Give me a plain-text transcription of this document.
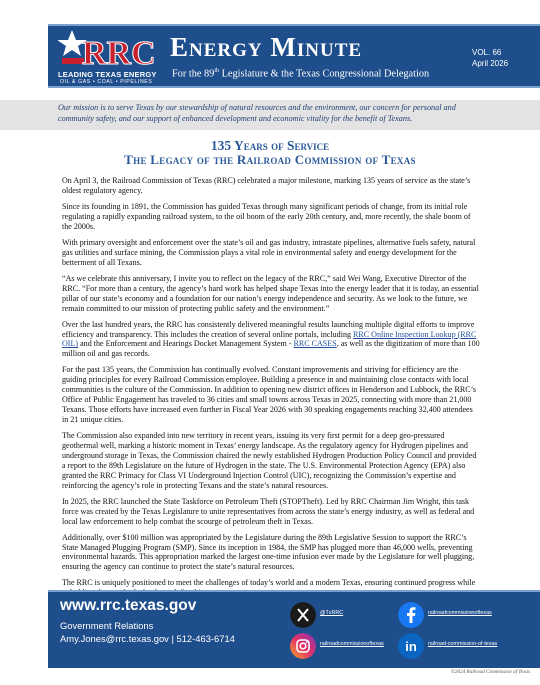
RRC
LEADING TEXAS ENERGY
OIL & GAS • COAL • PIPELINES
Energy Minute
For the 89th Legislature & the Texas Congressional Delegation
VOL. 66
April 2026

Our mission is to serve Texas by our stewardship of natural resources and the environment, our concern for personal and community safety, and our support of enhanced development and economic vitality for the benefit of Texans.

135 Years of Service
The Legacy of the Railroad Commission of Texas

On April 3, the Railroad Commission of Texas (RRC) celebrated a major milestone, marking 135 years of service as the state’s oldest regulatory agency.

Since its founding in 1891, the Commission has guided Texas through many significant periods of change, from its initial role regulating a rapidly expanding railroad system, to the oil boom of the early 20th century, and, more recently, the shale boom of the 2000s.

With primary oversight and enforcement over the state’s oil and gas industry, intrastate pipelines, alternative fuels safety, natural gas utilities and surface mining, the Commission plays a vital role in environmental safety and energy development for the betterment of all Texans.

“As we celebrate this anniversary, I invite you to reflect on the legacy of the RRC,” said Wei Wang, Executive Director of the RRC. “For more than a century, the agency’s hard work has helped shape Texas into the energy leader that it is today, an essential pillar of our state’s economy and a foundation for our nation’s energy independence and security. As we look to the future, we remain committed to our mission of protecting public safety and the environment.”

Over the last hundred years, the RRC has consistently delivered meaningful results launching multiple digital efforts to improve efficiency and transparency. This includes the creation of several online portals, including RRC Online Inspection Lookup (RRC OIL) and the Enforcement and Hearings Docket Management System - RRC CASES, as well as the digitization of more than 100 million oil and gas records.

For the past 135 years, the Commission has continually evolved. Constant improvements and striving for efficiency are the guiding principles for every Railroad Commission employee. Building a presence in and maintaining close contacts with local communities is the culture of the Commission. In addition to opening new district offices in Henderson and Lubbock, the RRC’s Office of Public Engagement has traveled to 36 cities and small towns across Texas in 2025, connecting with more than 21,000 Texans. Those efforts have increased even further in Fiscal Year 2026 with 30 speaking engagements reaching 32,400 attendees in 21 unique cities.

The Commission also expanded into new territory in recent years, issuing its very first permit for a deep geo-pressured geothermal well, marking a historic moment in Texas’ energy landscape. As the regulatory agency for Hydrogen pipelines and underground storage in Texas, the Commission chaired the newly established Hydrogen Production Policy Council and provided a report to the 89th Legislature on the future of Hydrogen in the state. The U.S. Environmental Protection Agency (EPA) also granted the RRC Primacy for Class VI Underground Injection Control (UIC), recognizing the Commission’s expertise and reinforcing the agency’s role in protecting Texans and the state’s natural resources.

In 2025, the RRC launched the State Taskforce on Petroleum Theft (STOPTheft). Led by RRC Chairman Jim Wright, this task force was created by the Texas Legislature to unite representatives from across the state’s energy industry, as well as federal and local law enforcement to help combat the scourge of petroleum theft in Texas.

Additionally, over $100 million was appropriated by the Legislature during the 89th Legislative Session to support the RRC’s State Managed Plugging Program (SMP). Since its inception in 1984, the SMP has plugged more than 46,000 wells, preventing environmental hazards. This appropriation marked the largest one-time infusion ever made by the Legislature for well plugging, ensuring the agency can continue to protect the state’s natural resources.

The RRC is uniquely positioned to meet the challenges of today’s world and a modern Texas, ensuring continued progress while

www.rrc.texas.gov
Government Relations
Amy.Jones@rrc.texas.gov | 512-463-6714
@TxRRC	railroadcommissionoftexas
railroadcommissionoftexas in railroad-commission-of-texas
©2024 Railroad Commission of Texas
